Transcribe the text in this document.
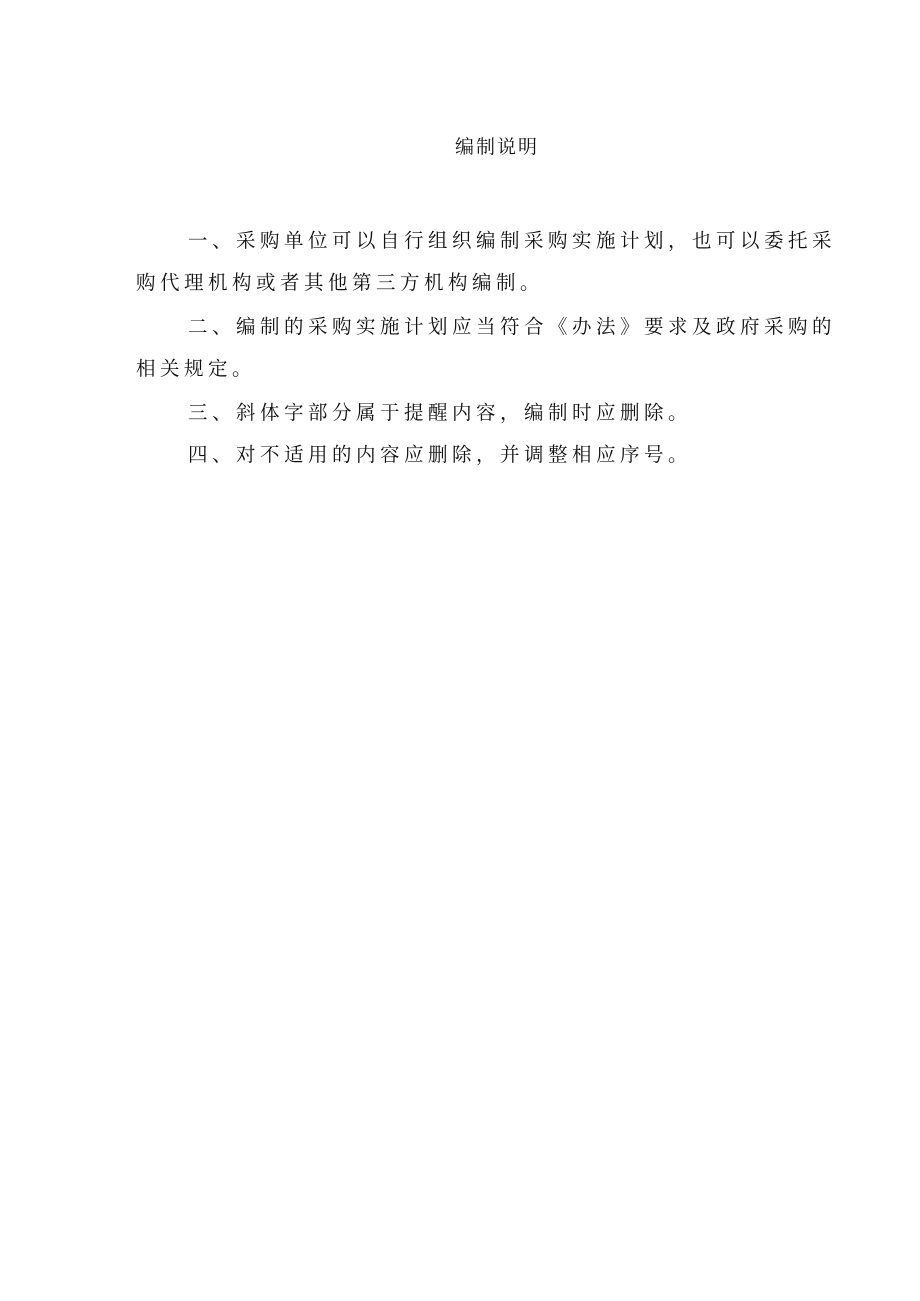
编制说明

一、采购单位可以自行组织编制采购实施计划，也可以委托采购代理机构或者其他第三方机构编制。

二、编制的采购实施计划应当符合《办法》要求及政府采购的相关规定。

三、斜体字部分属于提醒内容，编制时应删除。

四、对不适用的内容应删除，并调整相应序号。
